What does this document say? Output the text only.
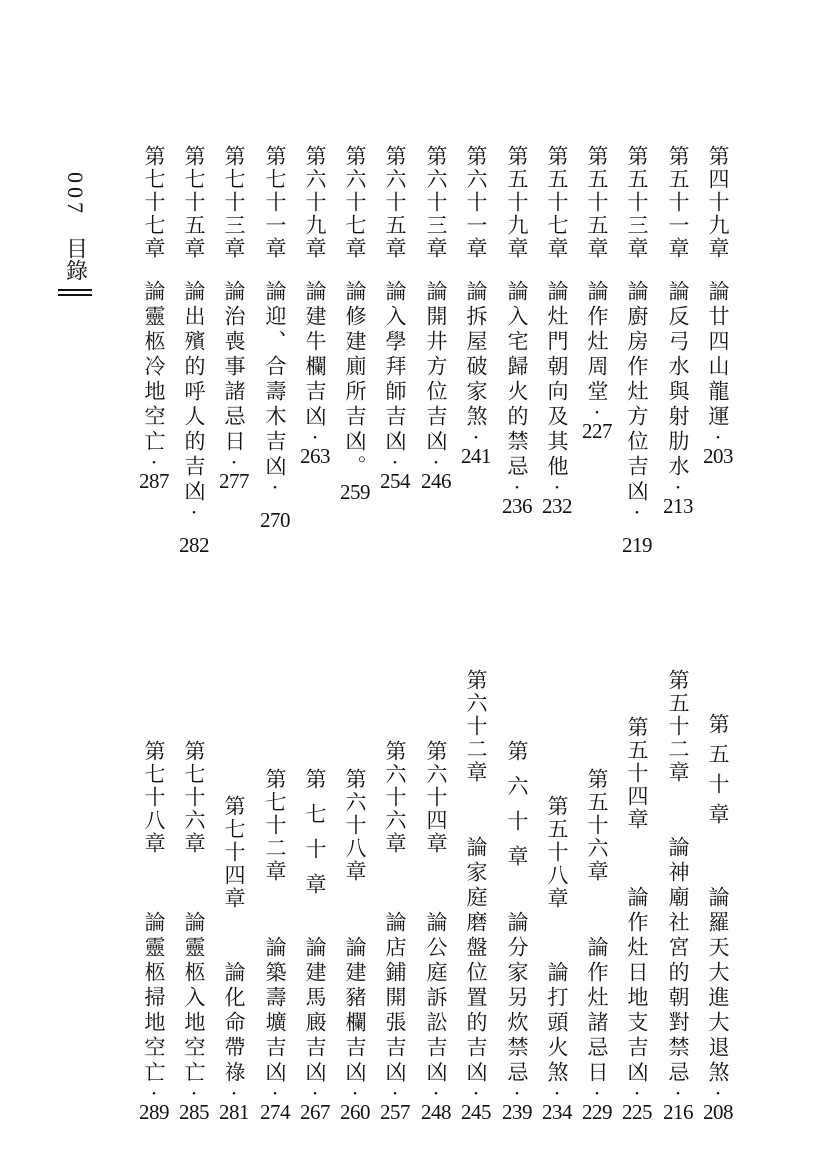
007
目錄	第四十九章
論廿四山龍運
·
203
第五十一章
論反弓水與射肋水
·
213
第五十三章
論廚房作灶方位吉凶
·
219
第五十五章
論作灶周堂
·
227
第五十七章
論灶門朝向及其他
·
232
第五十九章
論入宅歸火的禁忌
·
236
第六十一章
論拆屋破家煞
·
241
第六十三章
論開井方位吉凶
·
246
第六十五章
論入學拜師吉凶
·
254
第六十七章
論修建廁所吉凶。
259
第六十九章
論建牛欄吉凶
·
263
第七十一章
論迎、合壽木吉凶
·
270
第七十三章
論治喪事諸忌日
·
277
第七十五章
論出殯的呼人的吉凶
·
282
第七十七章
論靈柩冷地空亡
·
287
第五十章
論羅天大進大退煞
·
208
第五十二章
論神廟社宮的朝對禁忌
·
216
第五十四章
論作灶日地支吉凶
·
225
第五十六章
論作灶諸忌日
·
229
第五十八章
論打頭火煞
·
234
第六十章
論分家另炊禁忌
·
239
第六十二章
論家庭磨盤位置的吉凶
·
245
第六十四章
論公庭訴訟吉凶
·
248
第六十六章
論店鋪開張吉凶
·
257
第六十八章
論建豬欄吉凶
·
260
第七十章
論建馬廄吉凶
·
267
第七十二章
論築壽壙吉凶
·
274
第七十四章
論化命帶祿
·
281
第七十六章
論靈柩入地空亡
·
285
第七十八章
論靈柩掃地空亡
·
289
